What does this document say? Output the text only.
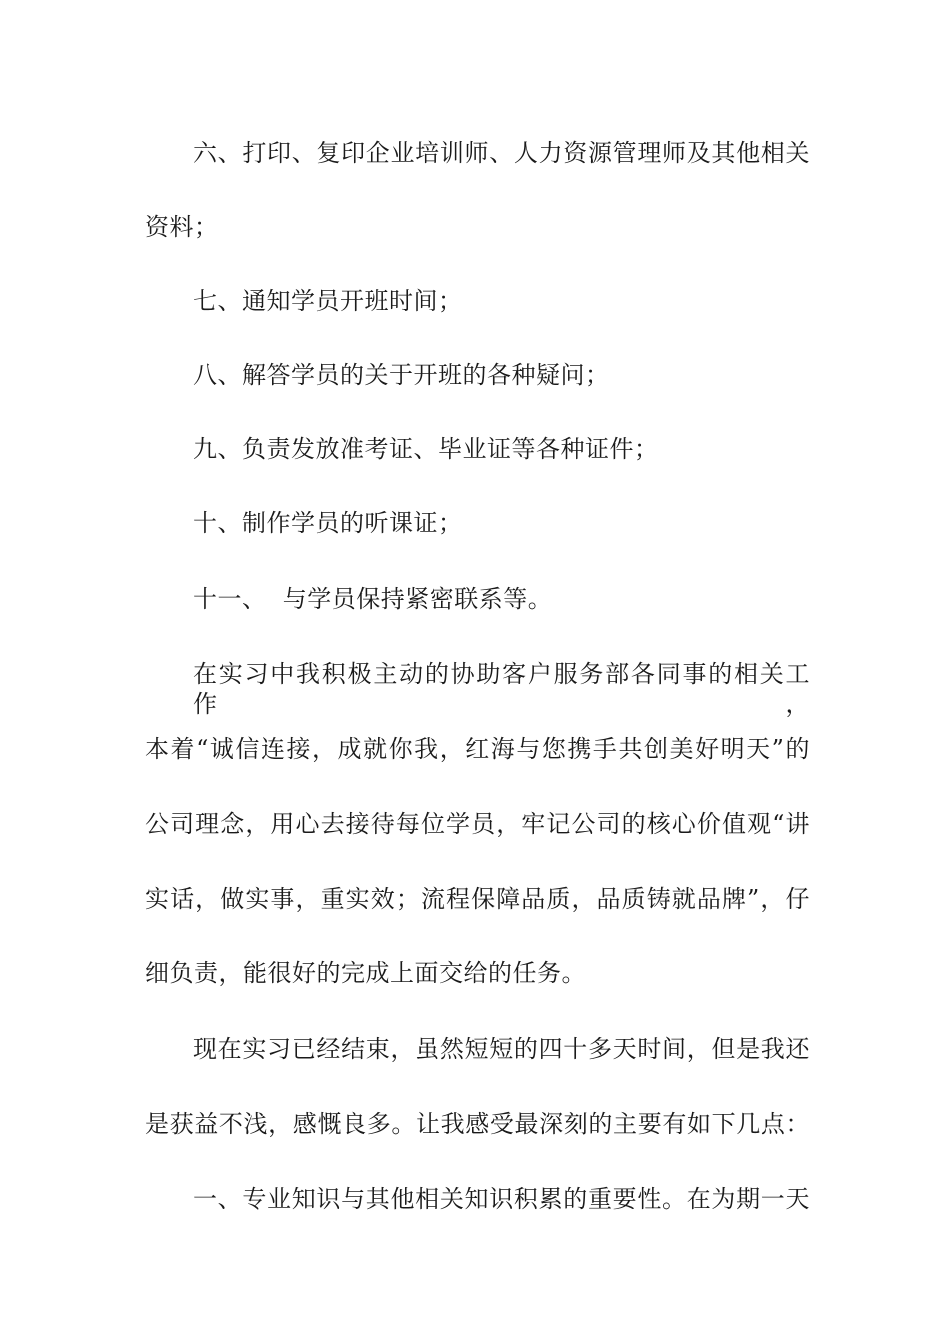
六、打印、复印企业培训师、人力资源管理师及其他相关
资料；
七、通知学员开班时间；
八、解答学员的关于开班的各种疑问；
九、负责发放准考证、毕业证等各种证件；
十、制作学员的听课证；
十一、  与学员保持紧密联系等。
在实习中我积极主动的协助客户服务部各同事的相关工作，
本着“诚信连接，成就你我，红海与您携手共创美好明天”的
公司理念，用心去接待每位学员，牢记公司的核心价值观“讲
实话，做实事，重实效；流程保障品质，品质铸就品牌”，仔
细负责，能很好的完成上面交给的任务。
现在实习已经结束，虽然短短的四十多天时间，但是我还
是获益不浅，感慨良多。让我感受最深刻的主要有如下几点：
一、专业知识与其他相关知识积累的重要性。在为期一天
